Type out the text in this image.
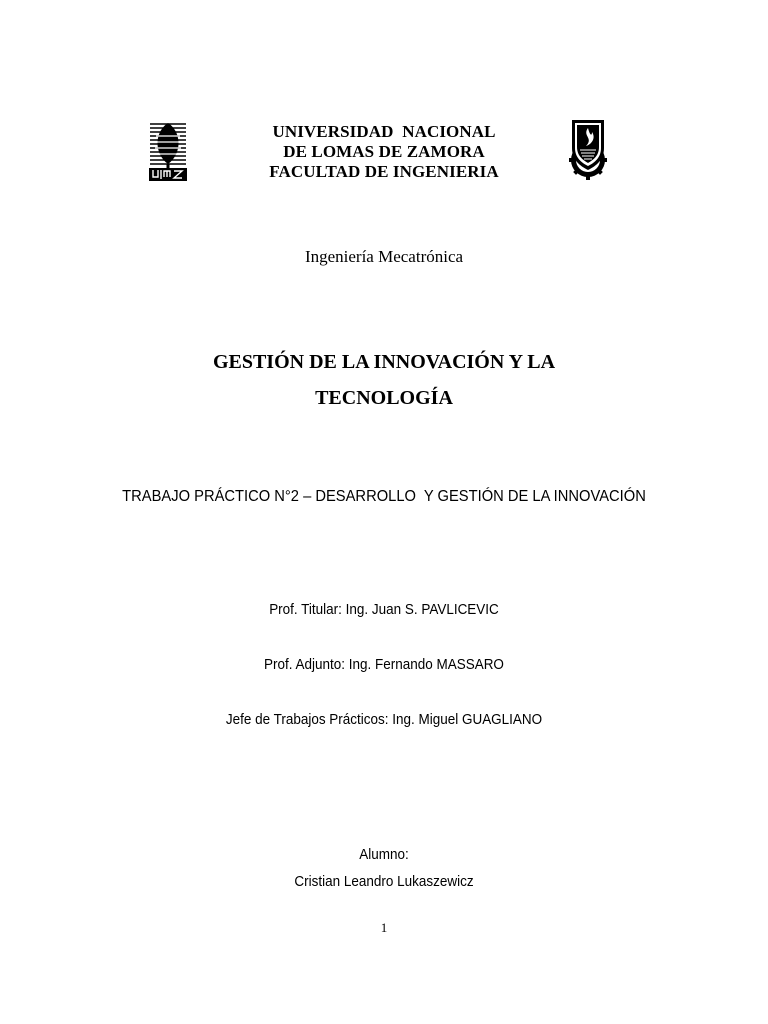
UNIVERSIDAD  NACIONAL
DE LOMAS DE ZAMORA
FACULTAD DE INGENIERIA
Ingeniería Mecatrónica
GESTIÓN DE LA INNOVACIÓN Y LA
TECNOLOGÍA
TRABAJO PRÁCTICO N°2 – DESARROLLO  Y GESTIÓN DE LA INNOVACIÓN
Prof. Titular: Ing. Juan S. PAVLICEVIC
Prof. Adjunto: Ing. Fernando MASSARO
Jefe de Trabajos Prácticos: Ing. Miguel GUAGLIANO
Alumno:
Cristian Leandro Lukaszewicz
1
